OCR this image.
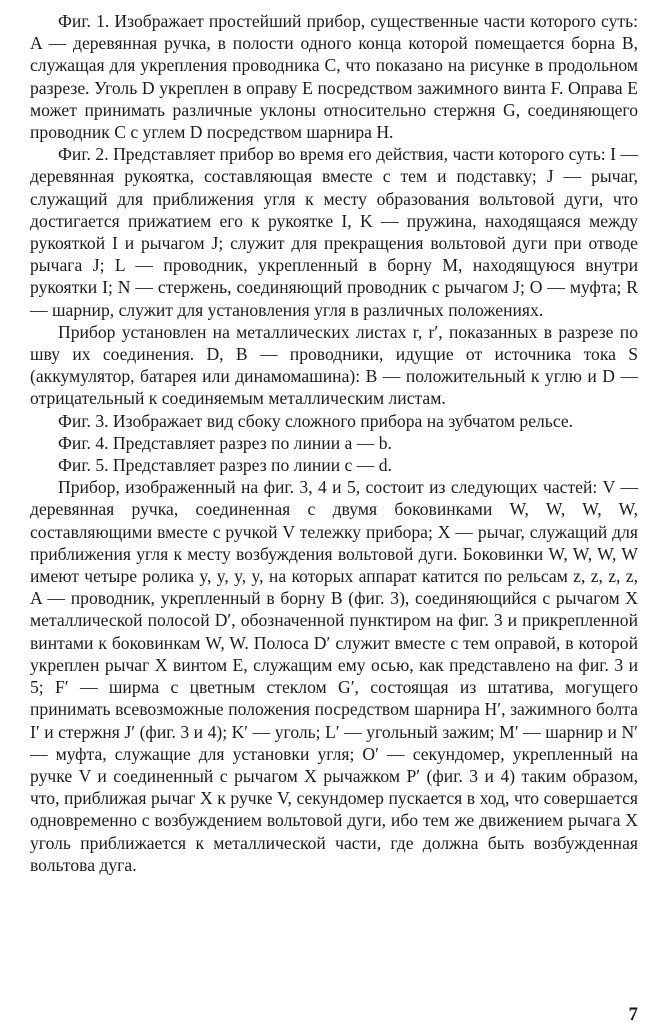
Фиг. 1. Изображает простейший прибор, существенные части которого суть: A — деревянная ручка, в полости одного конца которой помещается борна B, служащая для укрепления проводника C, что показано на рисунке в продольном разрезе. Уголь D укреплен в оправу E посредством зажимного винта F. Оправа E может принимать различные уклоны относительно стержня G, соединяющего проводник C с углем D посредством шарнира H.

Фиг. 2. Представляет прибор во время его действия, части которого суть: I — деревянная рукоятка, составляющая вместе с тем и подставку; J — рычаг, служащий для приближения угля к месту образования вольтовой дуги, что достигается прижатием его к рукоятке I, K — пружина, находящаяся между рукояткой I и рычагом J; служит для прекращения вольтовой дуги при отводе рычага J; L — проводник, укрепленный в борну M, находящуюся внутри рукоятки I; N — стержень, соединяющий проводник с рычагом J; O — муфта; R — шарнир, служит для установления угля в различных положениях.

Прибор установлен на металлических листах r, r′, показанных в разрезе по шву их соединения. D, B — проводники, идущие от источника тока S (аккумулятор, батарея или динамомашина): B — положительный к углю и D — отрицательный к соединяемым металлическим листам.

Фиг. 3. Изображает вид сбоку сложного прибора на зубчатом рельсе.

Фиг. 4. Представляет разрез по линии a — b.

Фиг. 5. Представляет разрез по линии c — d.

Прибор, изображенный на фиг. 3, 4 и 5, состоит из следующих частей: V — деревянная ручка, соединенная с двумя боковинками W, W, W, W, составляющими вместе с ручкой V тележку прибора; X — рычаг, служащий для приближения угля к месту возбуждения вольтовой дуги. Боковинки W, W, W, W имеют четыре ролика y, y, y, y, на которых аппарат катится по рельсам z, z, z, z, A — проводник, укрепленный в борну B (фиг. 3), соединяющийся с рычагом X металлической полосой D′, обозначенной пунктиром на фиг. 3 и прикрепленной винтами к боковинкам W, W. Полоса D′ служит вместе с тем оправой, в которой укреплен рычаг X винтом E, служащим ему осью, как представлено на фиг. 3 и 5; F′ — ширма с цветным стеклом G′, состоящая из штатива, могущего принимать всевозможные положения посредством шарнира H′, зажимного болта I′ и стержня J′ (фиг. 3 и 4); K′ — уголь; L′ — угольный зажим; M′ — шарнир и N′ — муфта, служащие для установки угля; O′ — секундомер, укрепленный на ручке V и соединенный с рычагом X рычажком P′ (фиг. 3 и 4) таким образом, что, приближая рычаг X к ручке V, секундомер пускается в ход, что совершается одновременно с возбуждением вольтовой дуги, ибо тем же движением рычага X уголь приближается к металлической части, где должна быть возбужденная вольтова дуга.

7
